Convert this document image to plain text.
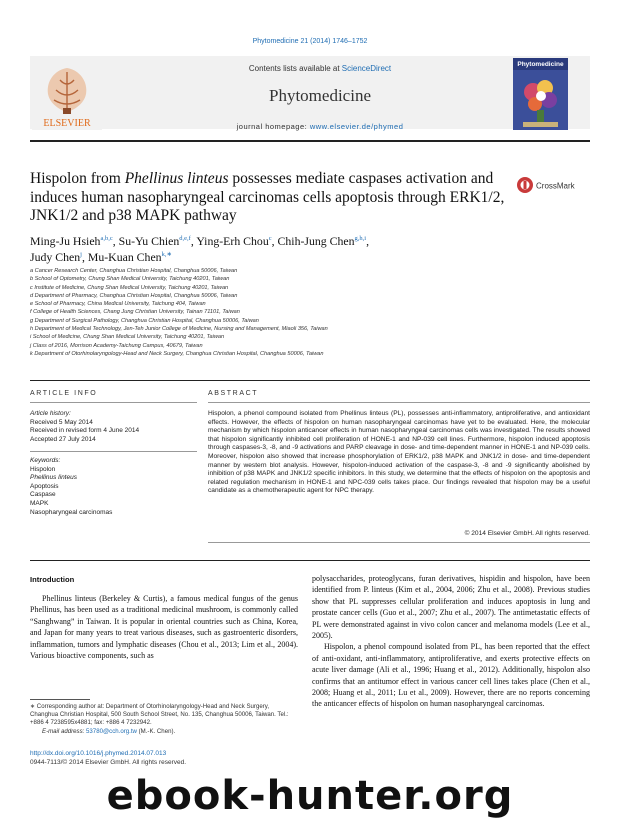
Phytomedicine 21 (2014) 1746–1752
ELSEVIER
Contents lists available at ScienceDirect
Phytomedicine
journal homepage: www.elsevier.de/phymed
Phytomedicine
Hispolon from Phellinus linteus possesses mediate caspases activation and induces human nasopharyngeal carcinomas cells apoptosis through ERK1/2, JNK1/2 and p38 MAPK pathway
CrossMark
Ming-Ju Hsieh$^{a,b,c}$, Su-Yu Chien$^{d,e,f}$, Ying-Erh Chou$^c$, Chih-Jung Chen$^{g,h,i}$,
Judy Chen$^j$, Mu-Kuan Chen$^{k,∗}$
a Cancer Research Center, Changhua Christian Hospital, Changhua 50006, Taiwan
b School of Optometry, Chung Shan Medical University, Taichung 40201, Taiwan
c Institute of Medicine, Chung Shan Medical University, Taichung 40201, Taiwan
d Department of Pharmacy, Changhua Christian Hospital, Changhua 50006, Taiwan
e School of Pharmacy, China Medical University, Taichung 404, Taiwan
f College of Health Sciences, Chang Jung Christian University, Tainan 71101, Taiwan
g Department of Surgical Pathology, Changhua Christian Hospital, Changhua 50006, Taiwan
h Department of Medical Technology, Jen-Teh Junior College of Medicine, Nursing and Management, Miaoli 356, Taiwan
i School of Medicine, Chung Shan Medical University, Taichung 40201, Taiwan
j Class of 2016, Morrison Academy-Taichung Campus, 40679, Taiwan
k Department of Otorhinolaryngology-Head and Neck Surgery, Changhua Christian Hospital, Changhua 50006, Taiwan
ARTICLE INFO	ABSTRACT
Article history:
Received 5 May 2014
Received in revised form 4 June 2014
Accepted 27 July 2014
Keywords:
Hispolon
Phellinus linteus
Apoptosis
Caspase
MAPK
Nasopharyngeal carcinomas
Hispolon, a phenol compound isolated from Phellinus linteus (PL), possesses anti-inflammatory, antiproliferative, and antioxidant effects. However, the effects of hispolon on human nasopharyngeal carcinomas have yet to be evaluated. Here, the molecular mechanism by which hispolon anticancer effects in human nasopharyngeal carcinomas cells was investigated. The results showed that hispolon significantly inhibited cell proliferation of HONE-1 and NP-039 cell lines. Furthermore, hispolon induced apoptosis through caspases-3, -8, and -9 activations and PARP cleavage in dose- and time-dependent manner in HONE-1 and NP-039 cells. Moreover, hispolon also showed that increase phosphorylation of ERK1/2, p38 MAPK and JNK1/2 in dose- and time-dependent manner by western blot analysis. However, hispolon-induced activation of the caspase-3, -8 and -9 significantly abolished by inhibition of p38 MAPK and JNK1/2 specific inhibitors. In this study, we determine that the effects of hispolon on the apoptosis and related regulation mechanism in HONE-1 and NPC-039 cells takes place. Our findings revealed that hispolon may be a useful candidate as a chemotherapeutic agent for NPC therapy.
© 2014 Elsevier GmbH. All rights reserved.
Introduction

Phellinus linteus (Berkeley & Curtis), a famous medical fungus of the genus Phellinus, has been used as a traditional medicinal mushroom, is commonly called “Sanghwang” in Taiwan. It is popular in oriental countries such as China, Korea, and Japan for many years to treat various diseases, such as gastroenteric disorders, inflammation, tumors and lymphatic diseases (Chou et al., 2013; Lim et al., 2004). Various bioactive components, such as

polysaccharides, proteoglycans, furan derivatives, hispidin and hispolon, have been identified from P. linteus (Kim et al., 2004, 2006; Zhu et al., 2008). Previous studies show that PL suppresses cellular proliferation and induces apoptosis in lung and prostate cancer cells (Guo et al., 2007; Zhu et al., 2007). The antimetastatic effects of PL were demonstrated against in vivo colon cancer and melanoma models (Lee et al., 2005).

Hispolon, a phenol compound isolated from PL, has been reported that the effect of anti-oxidant, anti-inflammatory, antiproliferative, and exerts protective effects on acute liver damage (Ali et al., 1996; Huang et al., 2012). Additionally, hispolon also confirms that an antitumor effect in various cancer cell lines takes place (Chen et al., 2008; Huang et al., 2011; Lu et al., 2009). However, there are no reports concerning the anticancer effects of hispolon on human nasopharyngeal carcinomas.

∗ Corresponding author at: Department of Otorhinolaryngology-Head and Neck Surgery, Changhua Christian Hospital, 500 South School Street, No. 135, Changhua 50006, Taiwan. Tel.: +886 4 7238595x4881; fax: +886 4 7232942.
E-mail address: 53780@cch.org.tw (M.-K. Chen).
http://dx.doi.org/10.1016/j.phymed.2014.07.013
0944-7113/© 2014 Elsevier GmbH. All rights reserved.
ebook-hunter.org
